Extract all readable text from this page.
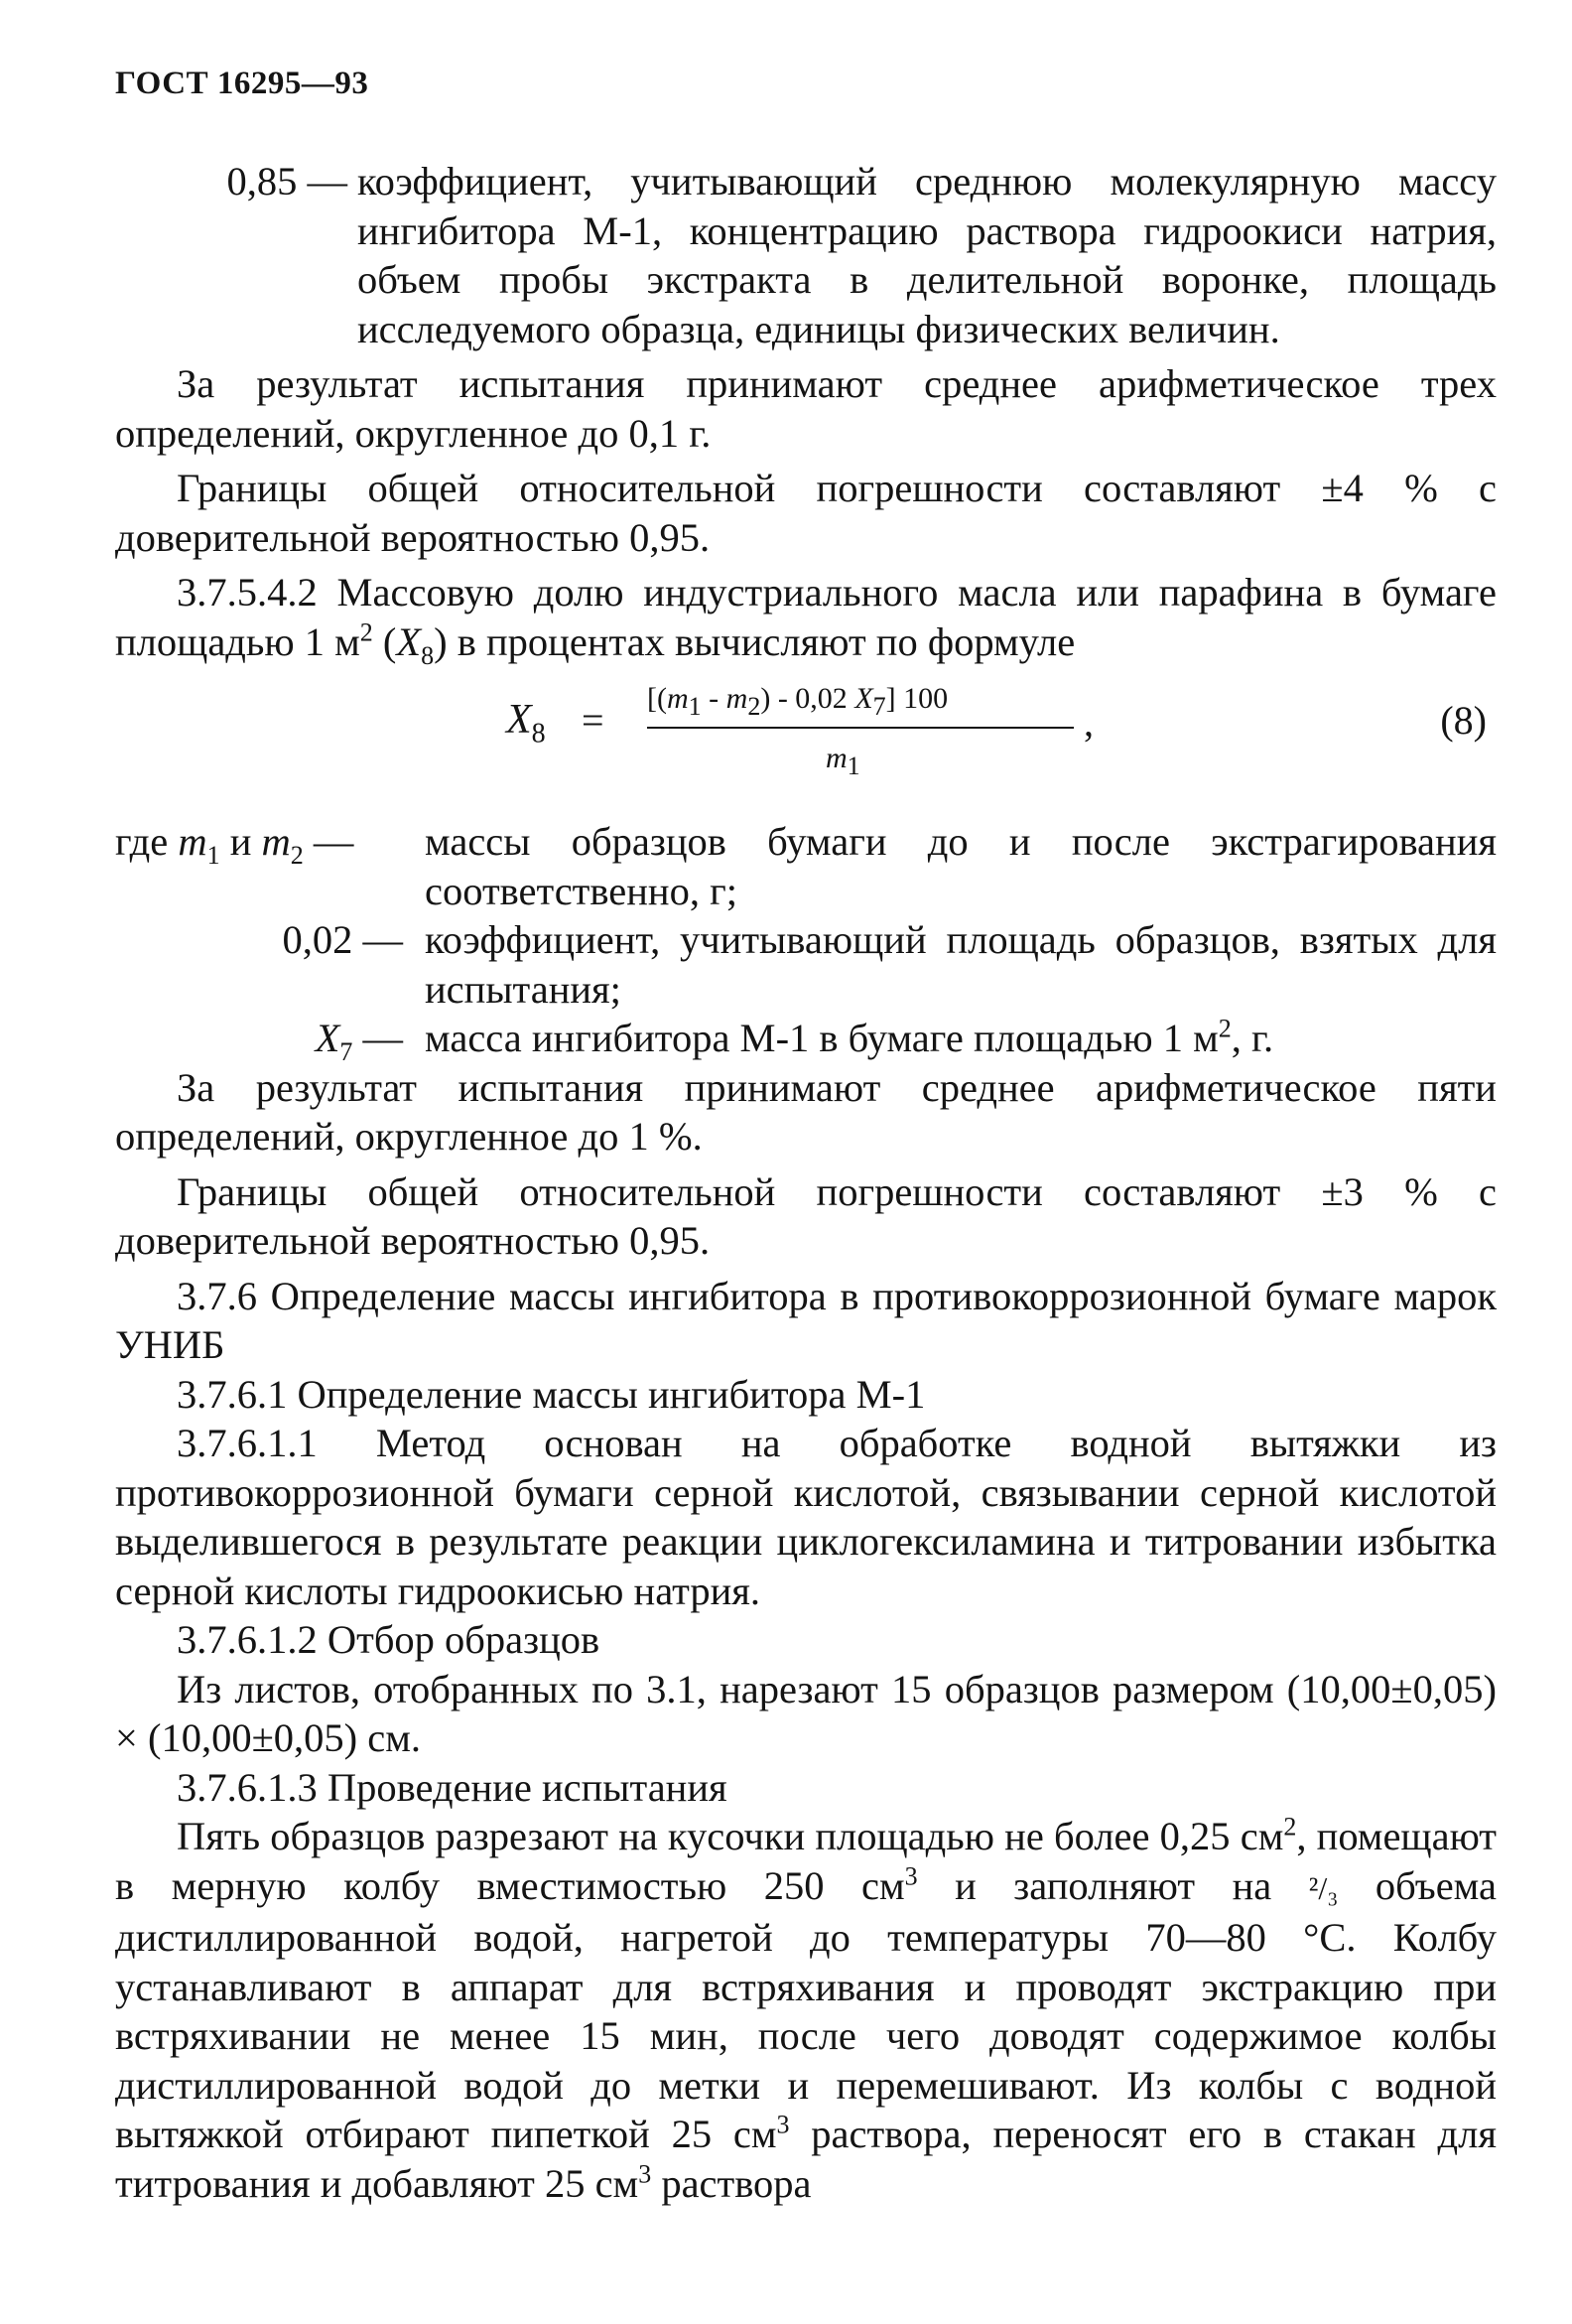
ГОСТ 16295—93
0,85 — коэффициент, учитывающий среднюю молекулярную массу ингибитора М-1, концентрацию раствора гидроокиси натрия, объем пробы экстракта в делительной воронке, площадь исследуемого образца, единицы физических величин.

За результат испытания принимают среднее арифметическое трех определений, округленное до 0,1 г.

Границы общей относительной погрешности составляют ±4 % с доверительной вероятностью 0,95.

3.7.5.4.2 Массовую долю индустриального масла или парафина в бумаге площадью 1 $м^2$ $(X_8)$ в процентах вычисляют по формуле

$X_8 = [(m_1 - m_2) - 0,02$ $X_7$] 100
$m_1$
,	(8)
где $m_1$ и $m_2$ —	массы образцов бумаги до и после экстрагирования соответственно, г;
0,02 — коэффициент, учитывающий площадь образцов, взятых для испытания;
$X_7$ — масса ингибитора М-1 в бумаге площадью 1 $м^2$, г.

За результат испытания принимают среднее арифметическое пяти определений, округленное до 1 %.

Границы общей относительной погрешности составляют ±3 % с доверительной вероятностью 0,95.

3.7.6 Определение массы ингибитора в противокоррозионной бумаге марок УНИБ

3.7.6.1 Определение массы ингибитора М-1

3.7.6.1.1 Метод основан на обработке водной вытяжки из противокоррозионной бумаги серной кислотой, связывании серной кислотой выделившегося в результате реакции циклогексиламина и титровании избытка серной кислоты гидроокисью натрия.

3.7.6.1.2 Отбор образцов

Из листов, отобранных по 3.1, нарезают 15 образцов размером (10,00±0,05) × (10,00±0,05) см.

3.7.6.1.3 Проведение испытания

Пять образцов разрезают на кусочки площадью не более 0,25 $см^2$, помещают в мерную колбу вместимостью 250 $см^3$ и заполняют на ²/₃ объема дистиллированной водой, нагретой до температуры 70—80 °С. Колбу устанавливают в аппарат для встряхивания и проводят экстракцию при встряхивании не менее 15 мин, после чего доводят содержимое колбы дистиллированной водой до метки и перемешивают. Из колбы с водной вытяжкой отбирают пипеткой 25 $см^3$ раствора, переносят его в стакан для титрования и добавляют 25 $см^3$ раствора
